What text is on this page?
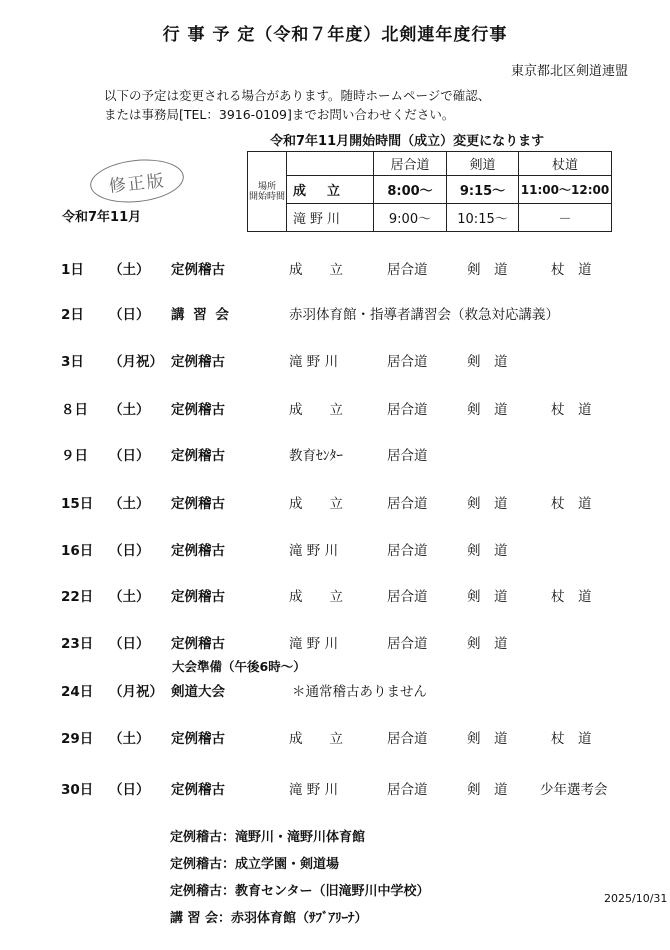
行 事 予 定（令和７年度）北剣連年度行事
東京都北区剣道連盟
以下の予定は変更される場合があります。随時ホームページで確認、
または事務局[TEL：3916-0109]までお問い合わせください。
令和7年11月開始時間（成立）変更になります
修正版
令和7年11月
場所
開始時間		居合道	剣道	杖道
	成　立	8:00～	9:15～	11:00～12:00
	滝野川	9:00～	10:15～	－
1日 （土） 定例稽古	成　　立	居合道	剣　道	杖　道
2日 （日） 講 習 会	赤羽体育館・指導者講習会（救急対応講義）
3日 （月祝） 定例稽古	滝 野 川	居合道	剣　道
８日 （土） 定例稽古	成　　立	居合道	剣　道	杖　道
９日 （日） 定例稽古	教育ｾﾝﾀｰ	居合道
15日 （土） 定例稽古	成　　立	居合道	剣　道	杖　道
16日 （日） 定例稽古	滝 野 川	居合道	剣　道
22日 （土） 定例稽古	成　　立	居合道	剣　道	杖　道
23日 （日） 定例稽古	滝 野 川	居合道	剣　道
24日 （月祝） 剣道大会	＊通常稽古ありません
29日 （土） 定例稽古	成　　立	居合道	剣　道	杖　道
30日 （日） 定例稽古	滝 野 川	居合道	剣　道 少年選考会
大会準備（午後6時～）
定例稽古：滝野川・滝野川体育館
定例稽古：成立学園・剣道場
定例稽古：教育センター（旧滝野川中学校）
講 習 会：赤羽体育館（ｻﾌﾞｱﾘｰﾅ）
2025/10/31
